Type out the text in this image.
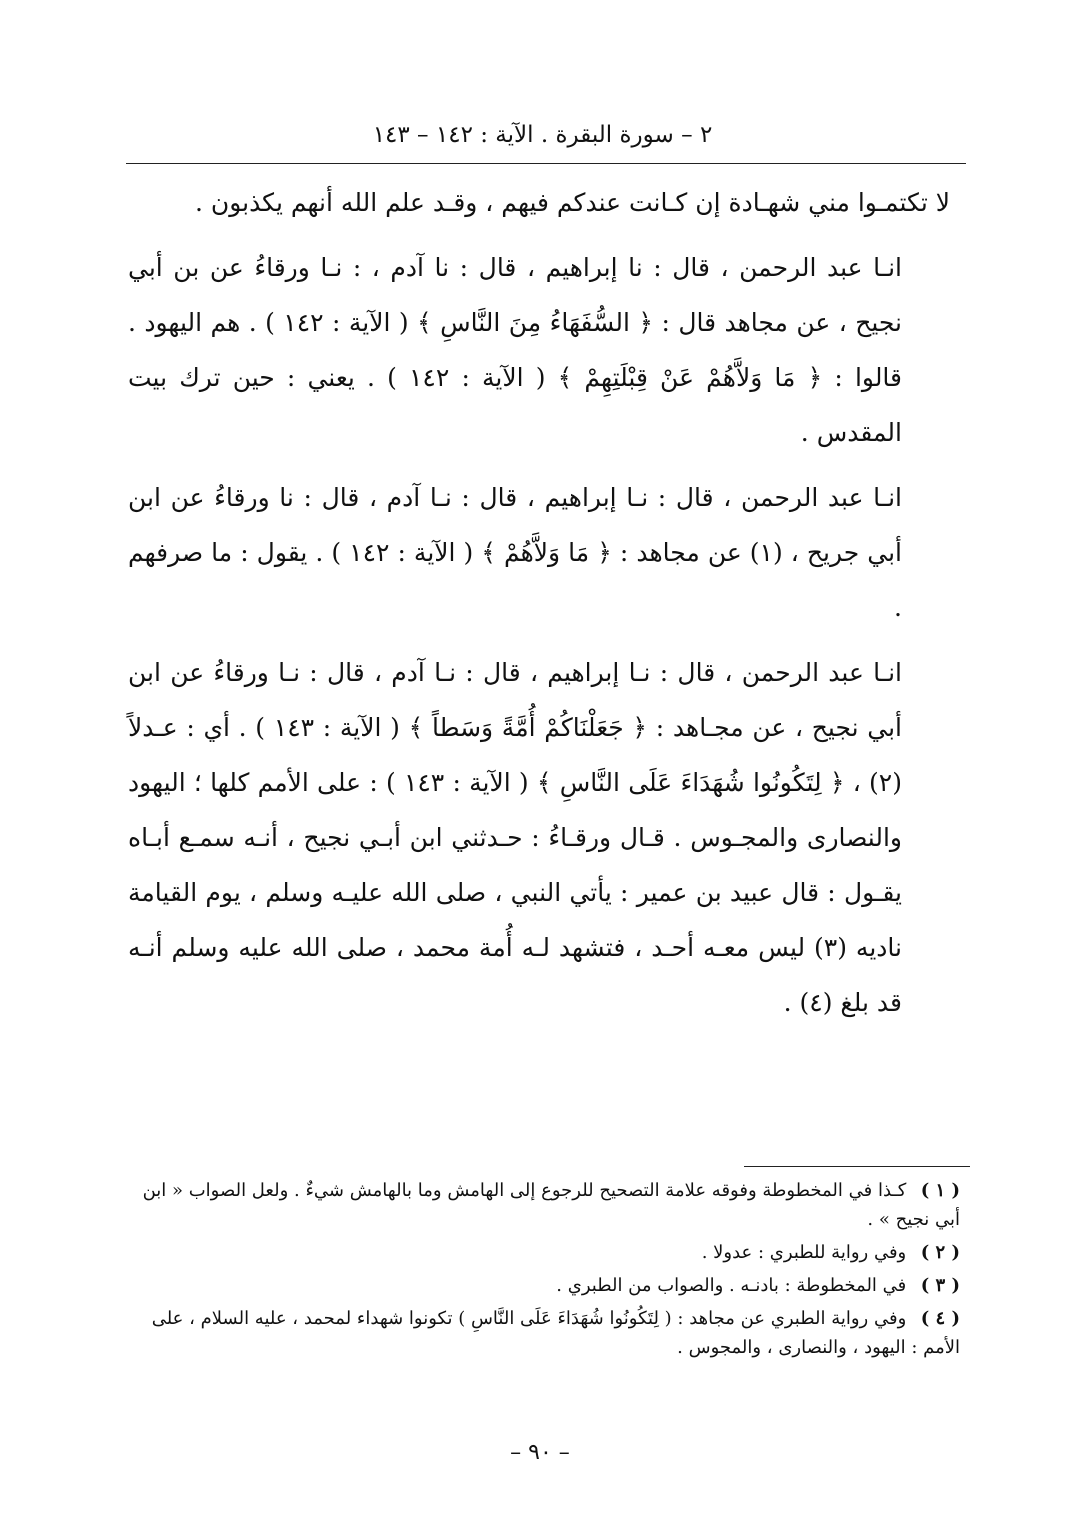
٢ – سورة البقرة . الآية : ١٤٢ – ١٤٣

لا تكتمـوا مني شهـادة إن كـانت عندكم فيهم ، وقـد علم الله أنهم يكذبون .

انـا عبد الرحمن ، قال : نا إبراهيم ، قال : نا آدم ، : نـا ورقاءُ عن بن أبي نجيح ، عن مجاهد قال : ﴿ السُّفَهَاءُ مِنَ النَّاسِ ﴾ ( الآية : ١٤٢ ) . هم اليهود . قالوا : ﴿ مَا وَلاَّهُمْ عَنْ قِبْلَتِهِمْ ﴾ ( الآية : ١٤٢ ) . يعني : حين ترك بيت المقدس .

انـا عبد الرحمن ، قال : نـا إبراهيم ، قال : نـا آدم ، قال : نا ورقاءُ عن ابن أبي جريح ، (١) عن مجاهد : ﴿ مَا وَلاَّهُمْ ﴾ ( الآية : ١٤٢ ) . يقول : ما صرفهم .

انـا عبد الرحمن ، قال : نـا إبراهيم ، قال : نـا آدم ، قال : نـا ورقاءُ عن ابن أبي نجيح ، عن مجـاهد : ﴿ جَعَلْنَاكُمْ أُمَّةً وَسَطاً ﴾ ( الآية : ١٤٣ ) . أي : عـدلاً (٢) ، ﴿ لِتَكُونُوا شُهَدَاءَ عَلَى النَّاسِ ﴾ ( الآية : ١٤٣ ) : على الأمم كلها ؛ اليهود والنصارى والمجـوس . قـال ورقـاءُ : حـدثني ابن أبـي نجيح ، أنـه سمـع أبـاه يقـول : قال عبيد بن عمير : يأتي النبي ، صلى الله عليـه وسلم ، يوم القيامة ناديه (٣) ليس معـه أحـد ، فتشهد لـه أُمة محمد ، صلى الله عليه وسلم أنـه قد بلغ (٤) .

( ١ ) كـذا في المخطوطة وفوقه علامة التصحيح للرجوع إلى الهامش وما بالهامش شيءٌ . ولعل الصواب « ابن أبي نجيح » .
( ٢ ) وفي رواية للطبري : عدولا .
( ٣ ) في المخطوطة : بادنـه . والصواب من الطبري .
( ٤ ) وفي رواية الطبري عن مجاهد : ( لِتَكُونُوا شُهَدَاءَ عَلَى النَّاسِ ) تكونوا شهداء لمحمد ، عليه السلام ، على الأمم : اليهود ، والنصارى ، والمجوس .
– ٩٠ –
